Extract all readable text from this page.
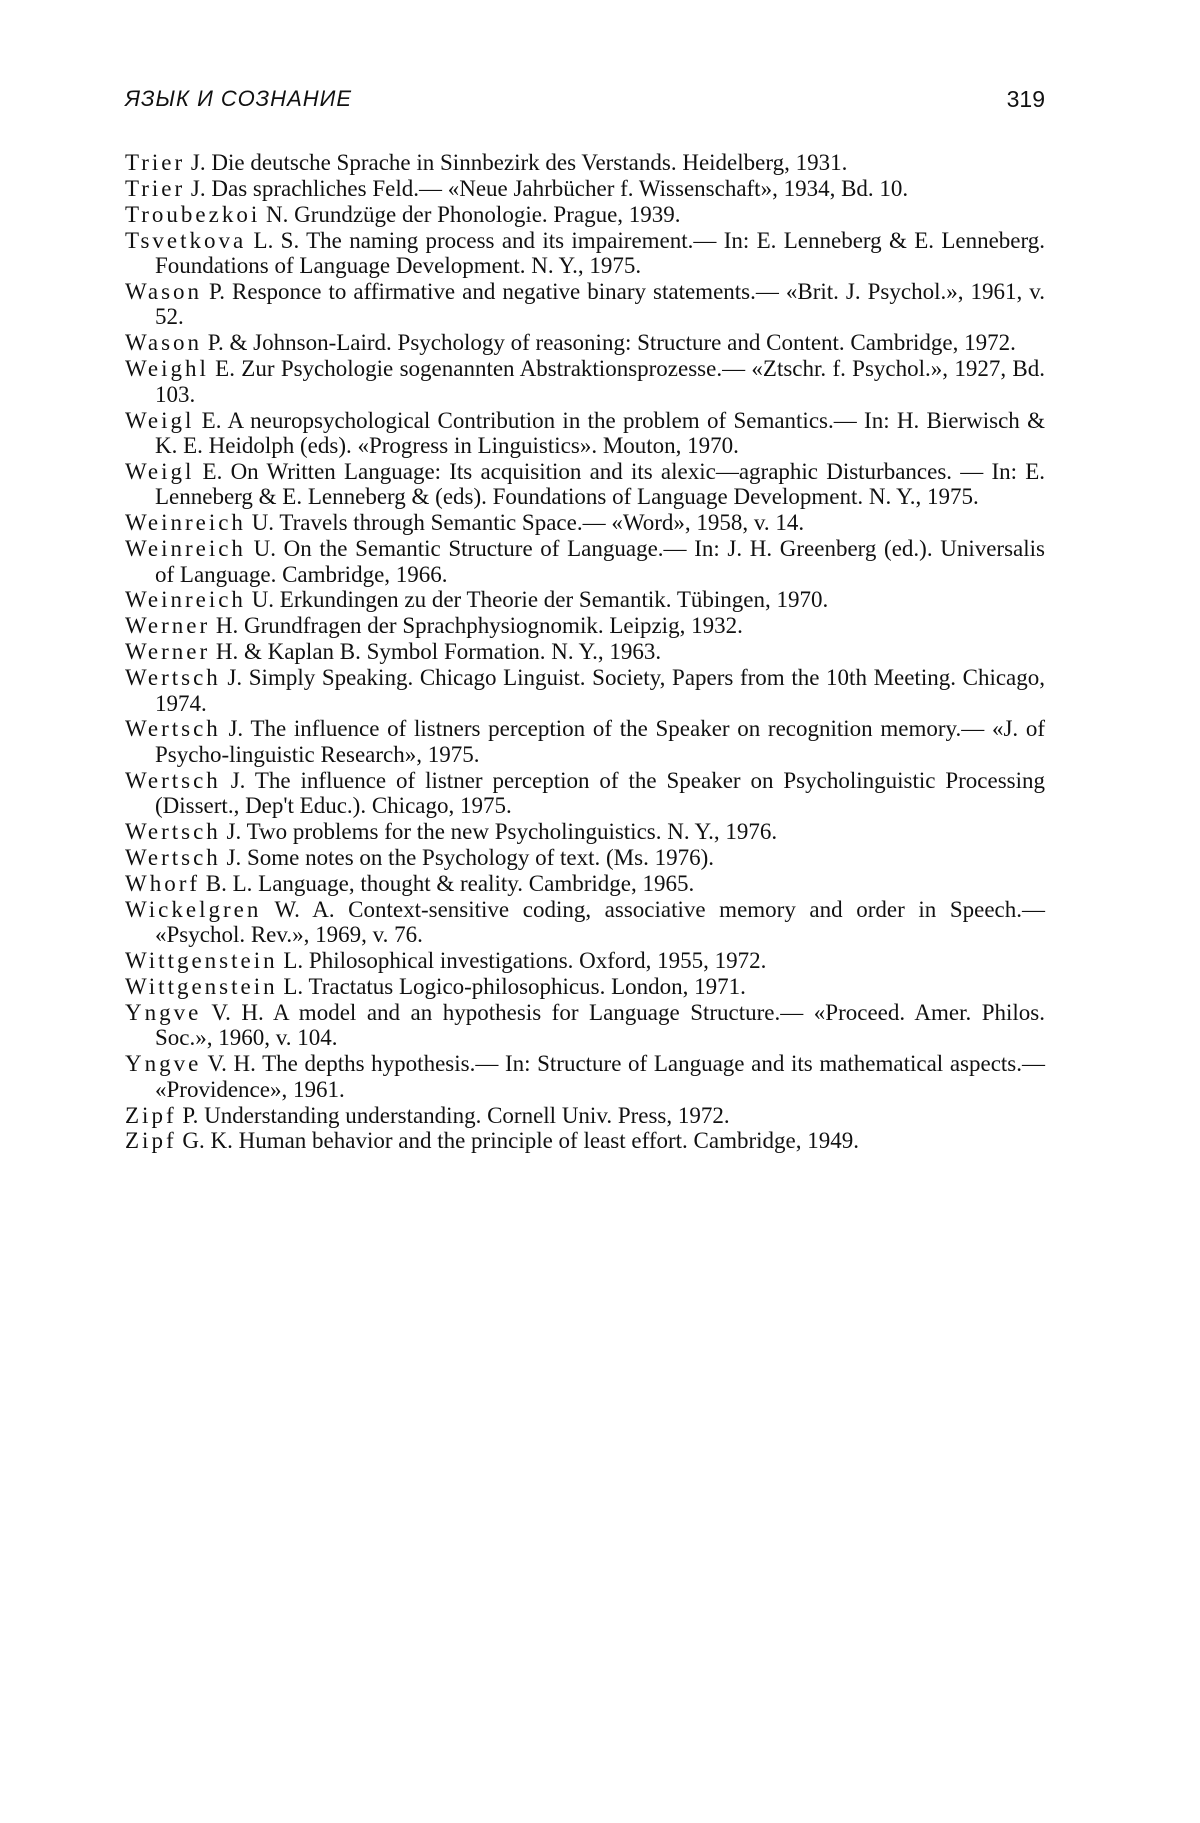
ЯЗЫК И СОЗНАНИЕ	319
Trier J. Die deutsche Sprache in Sinnbezirk des Verstands. Heidelberg, 1931.
Trier J. Das sprachliches Feld.— «Neue Jahrbücher f. Wissenschaft», 1934, Bd. 10.
Troubezkoi N. Grundzüge der Phonologie. Prague, 1939.
Tsvetkova L. S. The naming process and its impairement.— In: E. Lenneberg & E. Lenneberg. Foundations of Language Development. N. Y., 1975.
Wason P. Responce to affirmative and negative binary statements.— «Brit. J. Psychol.», 1961, v. 52.
Wason P. & Johnson-Laird. Psychology of reasoning: Structure and Content. Cambridge, 1972.
Weighl E. Zur Psychologie sogenannten Abstraktionsprozesse.— «Ztschr. f. Psychol.», 1927, Bd. 103.
Weigl E. A neuropsychological Contribution in the problem of Semantics.— In: H. Bierwisch & K. E. Heidolph (eds). «Progress in Linguistics». Mouton, 1970.
Weigl E. On Written Language: Its acquisition and its alexic—agraphic Disturbances. — In: E. Lenneberg & E. Lenneberg & (eds). Foundations of Language Development. N. Y., 1975.
Weinreich U. Travels through Semantic Space.— «Word», 1958, v. 14.
Weinreich U. On the Semantic Structure of Language.— In: J. H. Greenberg (ed.). Universalis of Language. Cambridge, 1966.
Weinreich U. Erkundingen zu der Theorie der Semantik. Tübingen, 1970.
Werner H. Grundfragen der Sprachphysiognomik. Leipzig, 1932.
Werner H. & Kaplan B. Symbol Formation. N. Y., 1963.
Wertsch J. Simply Speaking. Chicago Linguist. Society, Papers from the 10th Meeting. Chicago, 1974.
Wertsch J. The influence of listners perception of the Speaker on recognition memory.— «J. of Psycho-linguistic Research», 1975.
Wertsch J. The influence of listner perception of the Speaker on Psycholinguistic Processing (Dissert., Dep't Educ.). Chicago, 1975.
Wertsch J. Two problems for the new Psycholinguistics. N. Y., 1976.
Wertsch J. Some notes on the Psychology of text. (Ms. 1976).
Whorf B. L. Language, thought & reality. Cambridge, 1965.
Wickelgren W. A. Context-sensitive coding, associative memory and order in Speech.— «Psychol. Rev.», 1969, v. 76.
Wittgenstein L. Philosophical investigations. Oxford, 1955, 1972.
Wittgenstein L. Tractatus Logico-philosophicus. London, 1971.
Yngve V. H. A model and an hypothesis for Language Structure.— «Proceed. Amer. Philos. Soc.», 1960, v. 104.
Yngve V. H. The depths hypothesis.— In: Structure of Language and its mathematical aspects.— «Providence», 1961.
Zipf P. Understanding understanding. Cornell Univ. Press, 1972.
Zipf G. K. Human behavior and the principle of least effort. Cambridge, 1949.
